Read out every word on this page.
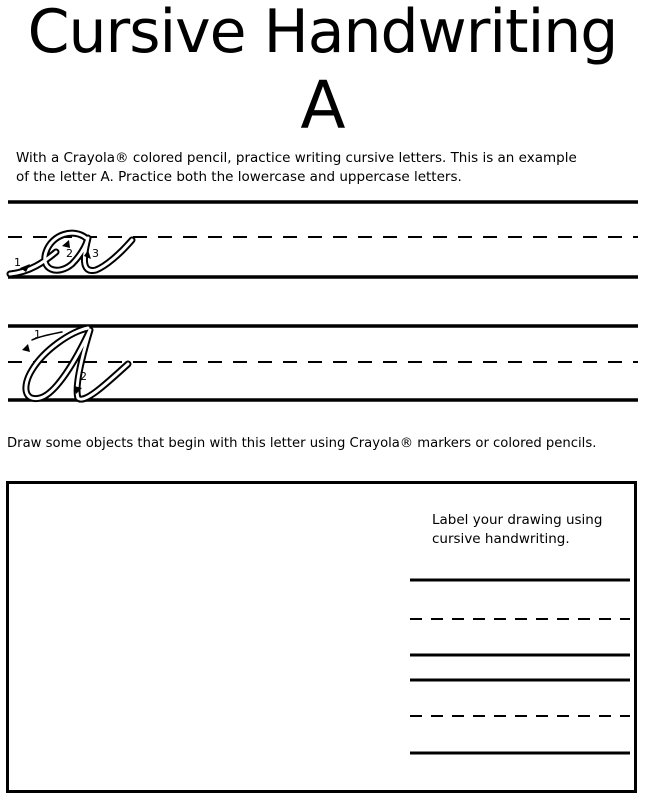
Cursive Handwriting
A
With a Crayola® colored pencil, practice writing cursive letters. This is an example
of the letter A. Practice both the lowercase and uppercase letters.
1
2 3
1
2
Draw some objects that begin with this letter using Crayola® markers or colored pencils.
Label your drawing using
cursive handwriting.
